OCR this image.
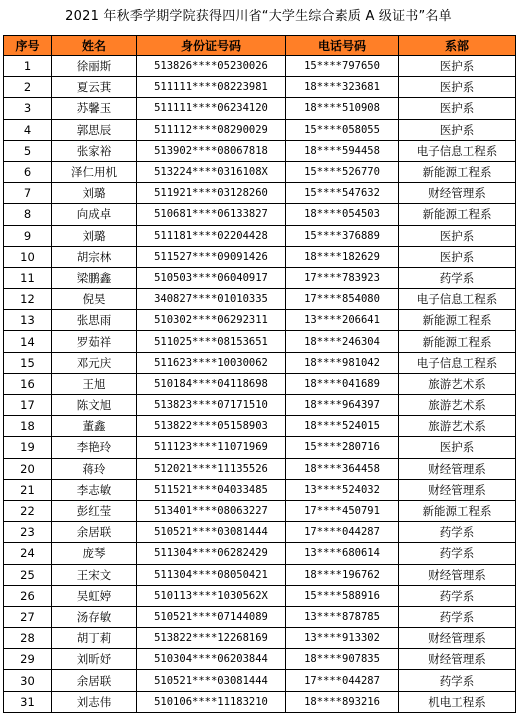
2021 年秋季学期学院获得四川省“大学生综合素质 A 级证书”名单
序号	姓名	身份证号码	电话号码	系部
1	徐丽斯	513826****05230026	15****797650	医护系
2	夏云萁	511111****08223981	18****323681	医护系
3	苏馨玉	511111****06234120	18****510908	医护系
4	郭思辰	511112****08290029	15****058055	医护系
5	张家裕	513902****08067818	18****594458	电子信息工程系
6	泽仁用机	513224****0316108X	15****526770	新能源工程系
7	刘璐	511921****03128260	15****547632	财经管理系
8	向成卓	510681****06133827	18****054503	新能源工程系
9	刘璐	511181****02204428	15****376889	医护系
10	胡宗林	511527****09091426	18****182629	医护系
11	梁鹏鑫	510503****06040917	17****783923	药学系
12	倪昊	340827****01010335	17****854080	电子信息工程系
13	张思雨	510302****06292311	13****206641	新能源工程系
14	罗茹祥	511025****08153651	18****246304	新能源工程系
15	邓元庆	511623****10030062	18****981042	电子信息工程系
16	王旭	510184****04118698	18****041689	旅游艺术系
17	陈文旭	513823****07171510	18****964397	旅游艺术系
18	董鑫	513822****05158903	18****524015	旅游艺术系
19	李艳玲	511123****11071969	15****280716	医护系
20	蒋玲	512021****11135526	18****364458	财经管理系
21	李志敏	511521****04033485	13****524032	财经管理系
22	彭红莹	513401****08063227	17****450791	新能源工程系
23	余居联	510521****03081444	17****044287	药学系
24	庞琴	511304****06282429	13****680614	药学系
25	王宋文	511304****08050421	18****196762	财经管理系
26	吴虹婷	510113****1030562X	15****588916	药学系
27	汤存敏	510521****07144089	13****878785	药学系
28	胡丁莉	513822****12268169	13****913302	财经管理系
29	刘昕妤	510304****06203844	18****907835	财经管理系
30	余居联	510521****03081444	17****044287	药学系
31	刘志伟	510106****11183210	18****893216	机电工程系
